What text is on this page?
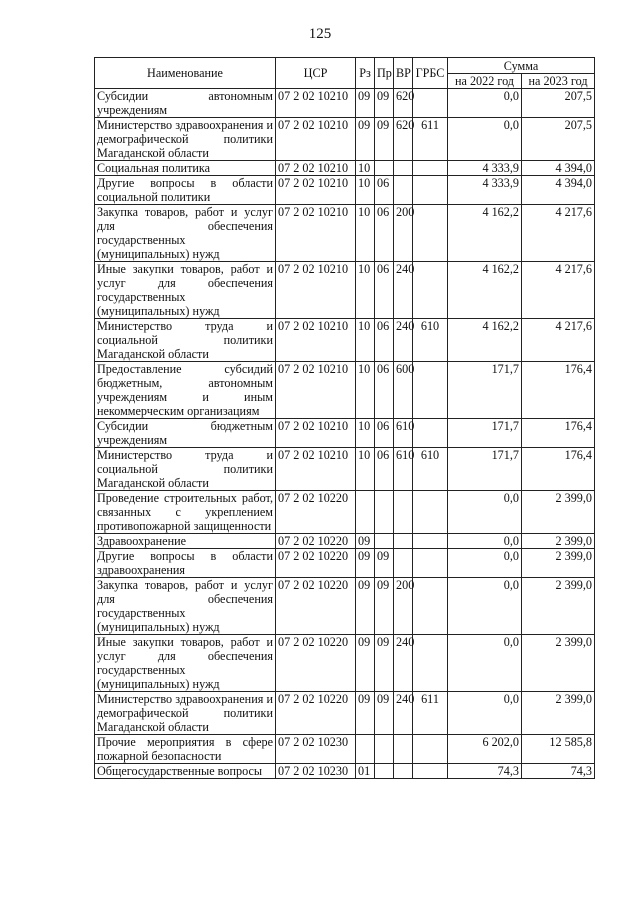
125
Наименование	ЦСР	Рз	Пр	ВР	ГРБС	Сумма	
						на 2022 год	на 2023 год
Субсидии автономным учреждениям	07 2 02 10210	09	09	620		0,0	207,5
Министерство здравоохранения и демографической политики Магаданской области	07 2 02 10210	09	09	620	611	0,0	207,5
Социальная политика	07 2 02 10210	10				4 333,9	4 394,0
Другие вопросы в области социальной политики	07 2 02 10210	10	06			4 333,9	4 394,0
Закупка товаров, работ и услуг для обеспечения государственных (муниципальных) нужд	07 2 02 10210	10	06	200		4 162,2	4 217,6
Иные закупки товаров, работ и услуг для обеспечения государственных (муниципальных) нужд	07 2 02 10210	10	06	240		4 162,2	4 217,6
Министерство труда и социальной политики Магаданской области	07 2 02 10210	10	06	240	610	4 162,2	4 217,6
Предоставление субсидий бюджетным, автономным учреждениям и иным некоммерческим организациям	07 2 02 10210	10	06	600		171,7	176,4
Субсидии бюджетным учреждениям	07 2 02 10210	10	06	610		171,7	176,4
Министерство труда и социальной политики Магаданской области	07 2 02 10210	10	06	610	610	171,7	176,4
Проведение строительных работ, связанных с укреплением противопожарной защищенности	07 2 02 10220					0,0	2 399,0
Здравоохранение	07 2 02 10220	09				0,0	2 399,0
Другие вопросы в области здравоохранения	07 2 02 10220	09	09			0,0	2 399,0
Закупка товаров, работ и услуг для обеспечения государственных (муниципальных) нужд	07 2 02 10220	09	09	200		0,0	2 399,0
Иные закупки товаров, работ и услуг для обеспечения государственных (муниципальных) нужд	07 2 02 10220	09	09	240		0,0	2 399,0
Министерство здравоохранения и демографической политики Магаданской области	07 2 02 10220	09	09	240	611	0,0	2 399,0
Прочие мероприятия в сфере пожарной безопасности	07 2 02 10230					6 202,0	12 585,8
Общегосударственные вопросы	07 2 02 10230	01				74,3	74,3
